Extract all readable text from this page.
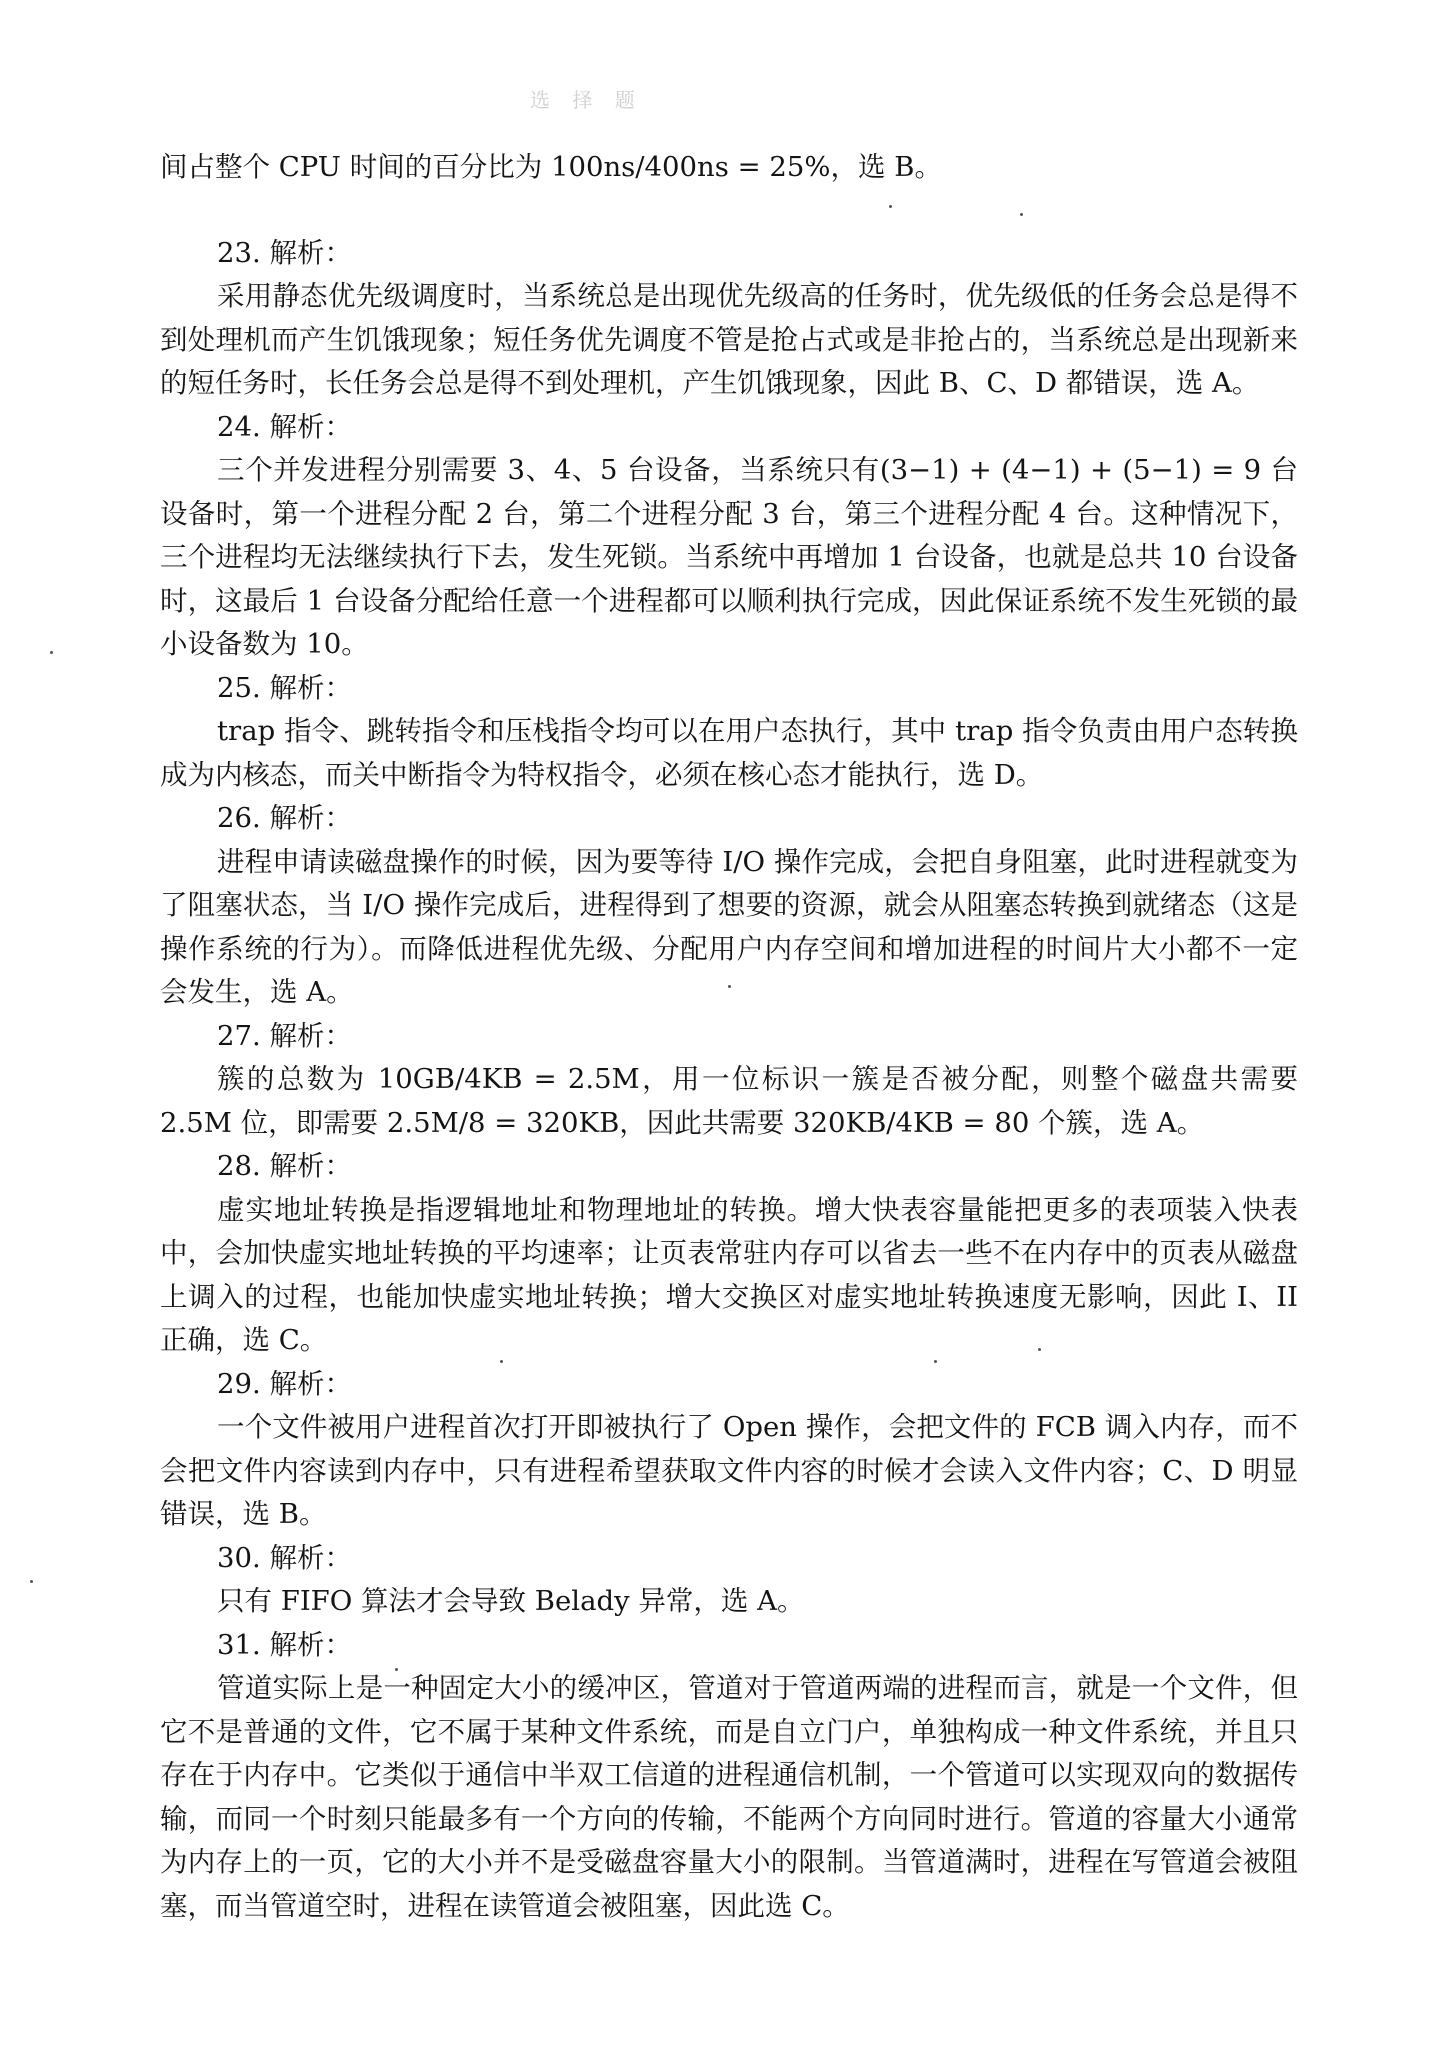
选 择 题

间占整个 CPU 时间的百分比为 100ns/400ns = 25%，选 B。

23. 解析：

采用静态优先级调度时，当系统总是出现优先级高的任务时，优先级低的任务会总是得不到处理机而产生饥饿现象；短任务优先调度不管是抢占式或是非抢占的，当系统总是出现新来的短任务时，长任务会总是得不到处理机，产生饥饿现象，因此 B、C、D 都错误，选 A。

24. 解析：

三个并发进程分别需要 3、4、5 台设备，当系统只有(3−1) + (4−1) + (5−1) = 9 台设备时，第一个进程分配 2 台，第二个进程分配 3 台，第三个进程分配 4 台。这种情况下，三个进程均无法继续执行下去，发生死锁。当系统中再增加 1 台设备，也就是总共 10 台设备时，这最后 1 台设备分配给任意一个进程都可以顺利执行完成，因此保证系统不发生死锁的最小设备数为 10。

25. 解析：

trap 指令、跳转指令和压栈指令均可以在用户态执行，其中 trap 指令负责由用户态转换成为内核态，而关中断指令为特权指令，必须在核心态才能执行，选 D。

26. 解析：

进程申请读磁盘操作的时候，因为要等待 I/O 操作完成，会把自身阻塞，此时进程就变为了阻塞状态，当 I/O 操作完成后，进程得到了想要的资源，就会从阻塞态转换到就绪态（这是操作系统的行为）。而降低进程优先级、分配用户内存空间和增加进程的时间片大小都不一定会发生，选 A。

27. 解析：

簇的总数为 10GB/4KB = 2.5M，用一位标识一簇是否被分配，则整个磁盘共需要 2.5M 位，即需要 2.5M/8 = 320KB，因此共需要 320KB/4KB = 80 个簇，选 A。

28. 解析：

虚实地址转换是指逻辑地址和物理地址的转换。增大快表容量能把更多的表项装入快表中，会加快虚实地址转换的平均速率；让页表常驻内存可以省去一些不在内存中的页表从磁盘上调入的过程，也能加快虚实地址转换；增大交换区对虚实地址转换速度无影响，因此 I、II 正确，选 C。

29. 解析：

一个文件被用户进程首次打开即被执行了 Open 操作，会把文件的 FCB 调入内存，而不会把文件内容读到内存中，只有进程希望获取文件内容的时候才会读入文件内容；C、D 明显错误，选 B。

30. 解析：

只有 FIFO 算法才会导致 Belady 异常，选 A。

31. 解析：

管道实际上是一种固定大小的缓冲区，管道对于管道两端的进程而言，就是一个文件，但它不是普通的文件，它不属于某种文件系统，而是自立门户，单独构成一种文件系统，并且只存在于内存中。它类似于通信中半双工信道的进程通信机制，一个管道可以实现双向的数据传输，而同一个时刻只能最多有一个方向的传输，不能两个方向同时进行。管道的容量大小通常为内存上的一页，它的大小并不是受磁盘容量大小的限制。当管道满时，进程在写管道会被阻塞，而当管道空时，进程在读管道会被阻塞，因此选 C。
